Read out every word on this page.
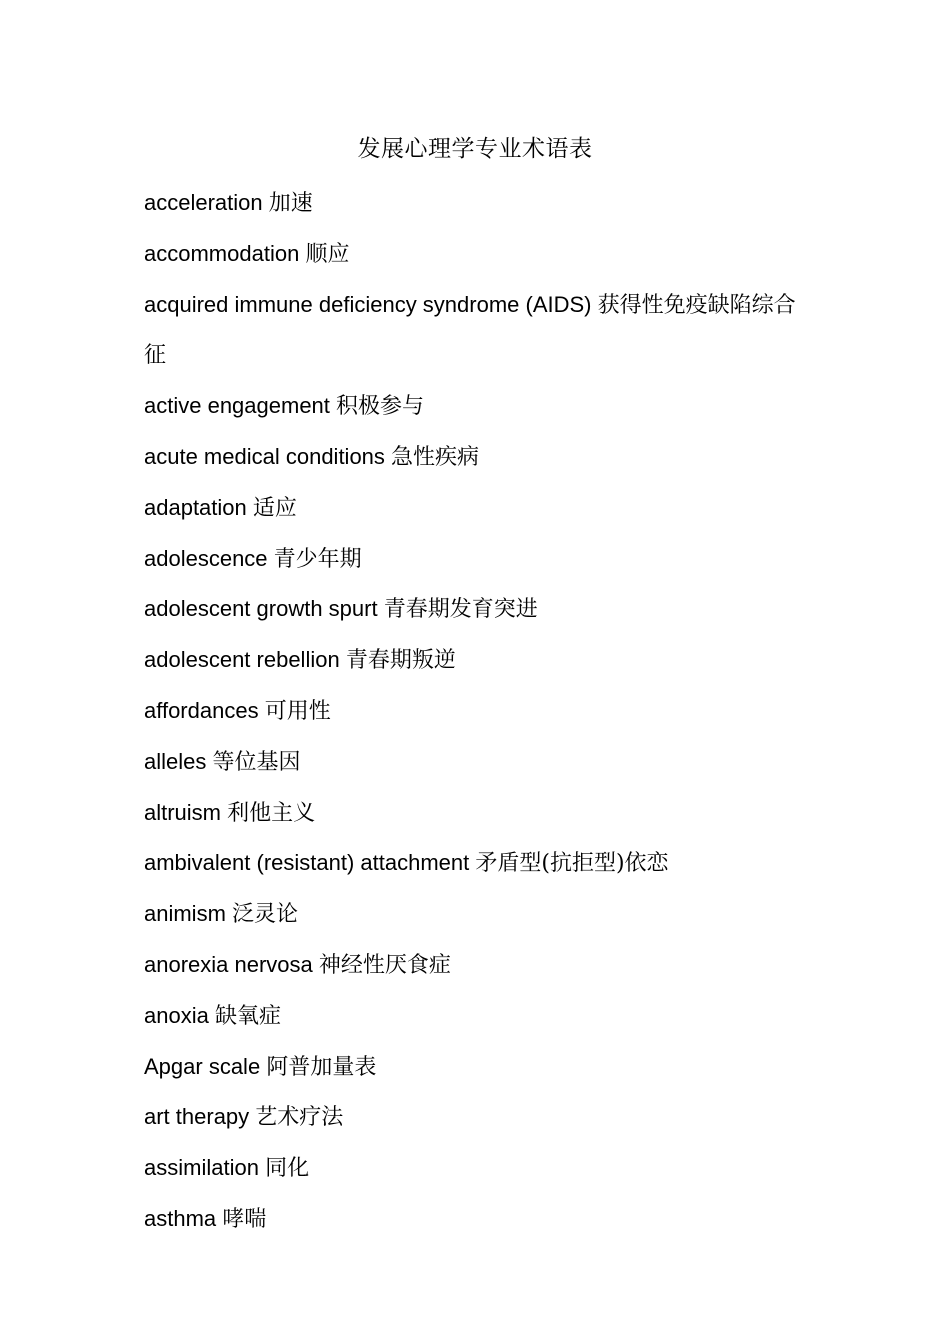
发展心理学专业术语表
acceleration 加速
accommodation 顺应
acquired immune deficiency syndrome (AIDS) 获得性免疫缺陷综合征
active engagement 积极参与
acute medical conditions 急性疾病
adaptation 适应
adolescence 青少年期
adolescent growth spurt 青春期发育突进
adolescent rebellion 青春期叛逆
affordances 可用性
alleles 等位基因
altruism 利他主义
ambivalent (resistant) attachment 矛盾型(抗拒型)依恋
animism 泛灵论
anorexia nervosa 神经性厌食症
anoxia 缺氧症
Apgar scale 阿普加量表
art therapy 艺术疗法
assimilation 同化
asthma 哮喘
